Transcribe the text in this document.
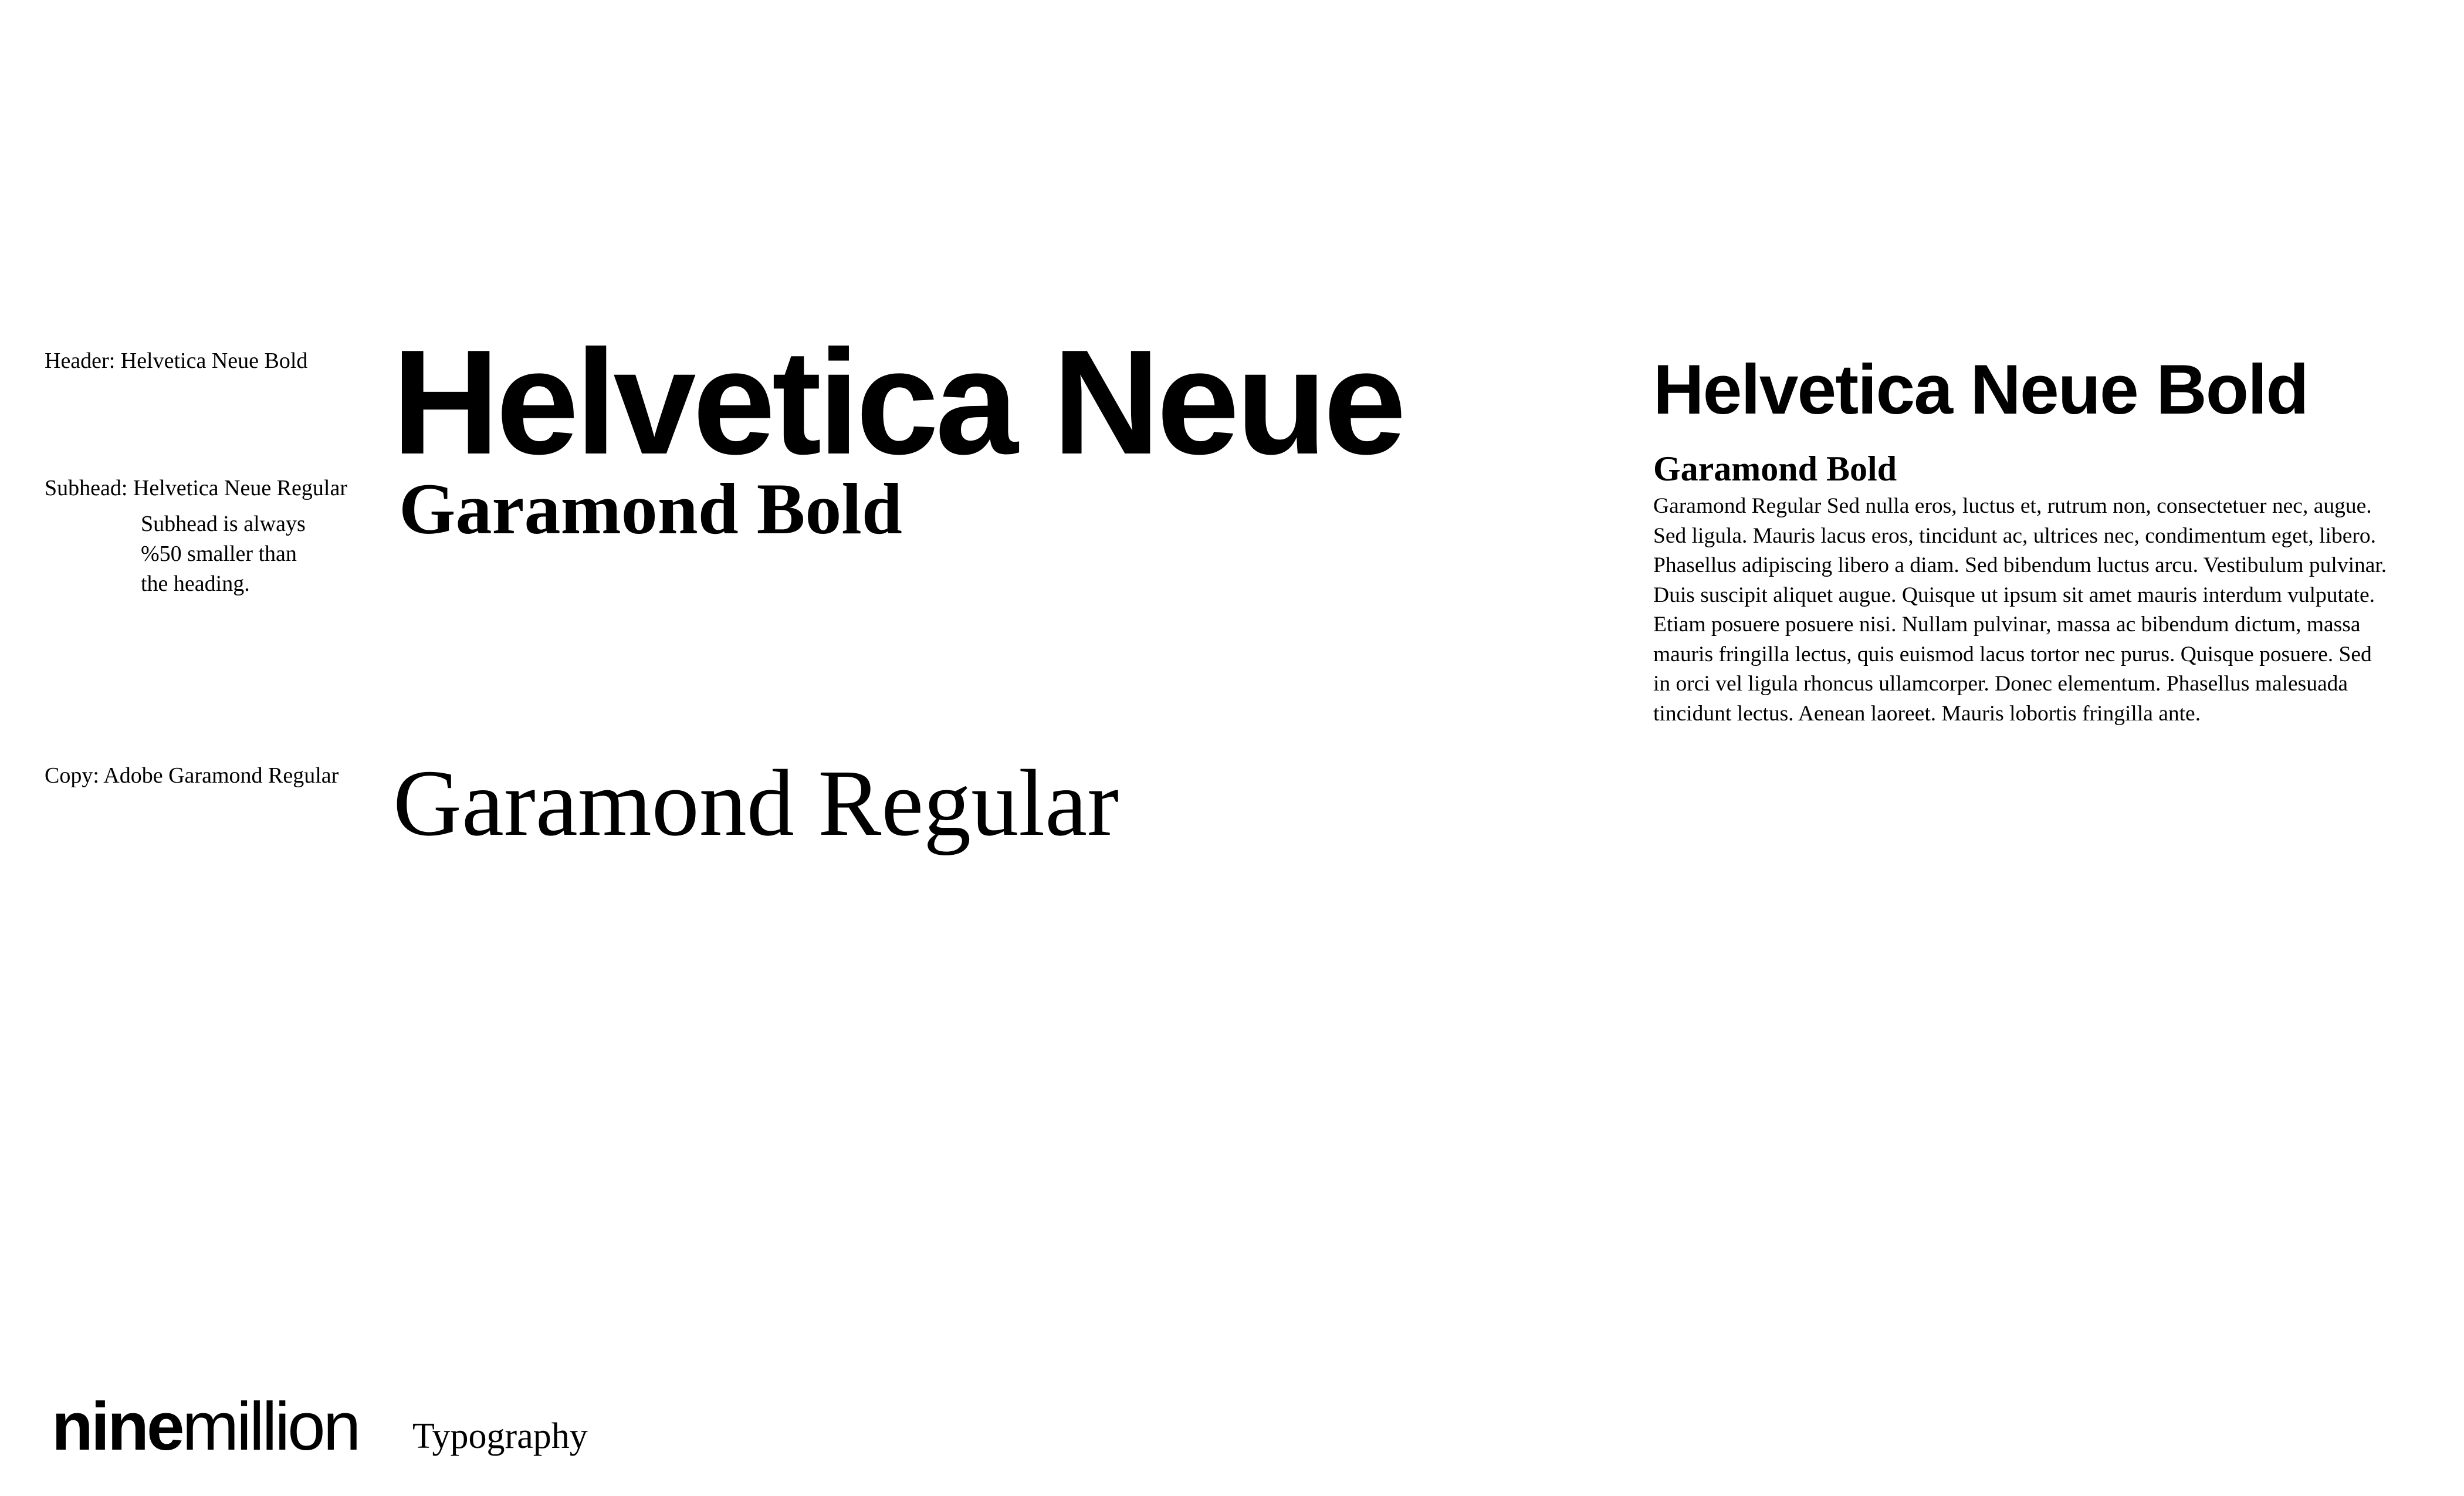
Header: Helvetica Neue Bold
Subhead: Helvetica Neue Regular
Subhead is always
%50 smaller than
the heading.
Copy: Adobe Garamond Regular
Helvetica Neue
Garamond Bold
Garamond Regular
Helvetica Neue Bold
Garamond Bold

Garamond Regular Sed nulla eros, luctus et, rutrum non, consectetuer nec, augue. Sed ligula. Mauris lacus eros, tincidunt ac, ultrices nec, condimentum eget, libero. Phasellus adipiscing libero a diam. Sed bibendum luctus arcu. Vestibulum pulvinar. Duis suscipit aliquet augue. Quisque ut ipsum sit amet mauris interdum vulputate. Etiam posuere posuere nisi. Nullam pulvinar, massa ac bibendum dictum, massa mauris fringilla lectus, quis euismod lacus tortor nec purus. Quisque posuere. Sed in orci vel ligula rhoncus ullamcorper. Donec elementum. Phasellus malesuada tincidunt lectus. Aenean laoreet. Mauris lobortis fringilla ante.

ninemillion Typography
